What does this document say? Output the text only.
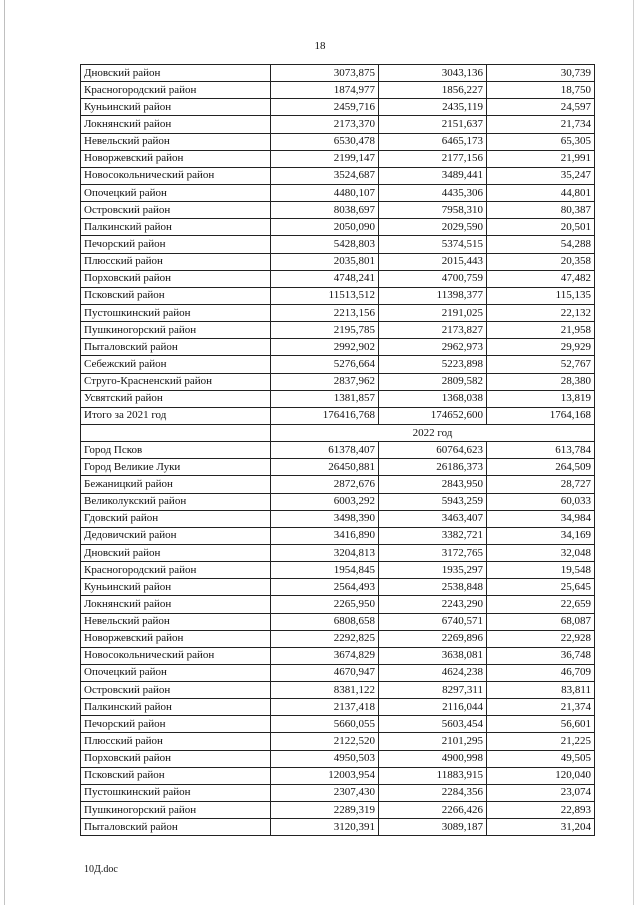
18
Дновский район	3073,875	3043,136	30,739
Красногородский район	1874,977	1856,227	18,750
Куньинский район	2459,716	2435,119	24,597
Локнянский район	2173,370	2151,637	21,734
Невельский район	6530,478	6465,173	65,305
Новоржевский район	2199,147	2177,156	21,991
Новосокольнический район	3524,687	3489,441	35,247
Опочецкий район	4480,107	4435,306	44,801
Островский район	8038,697	7958,310	80,387
Палкинский район	2050,090	2029,590	20,501
Печорский район	5428,803	5374,515	54,288
Плюсский район	2035,801	2015,443	20,358
Порховский район	4748,241	4700,759	47,482
Псковский район	11513,512	11398,377	115,135
Пустошкинский район	2213,156	2191,025	22,132
Пушкиногорский район	2195,785	2173,827	21,958
Пыталовский район	2992,902	2962,973	29,929
Себежский район	5276,664	5223,898	52,767
Струго-Красненский район	2837,962	2809,582	28,380
Усвятский район	1381,857	1368,038	13,819
Итого за 2021 год	176416,768	174652,600	1764,168
	2022 год		
Город Псков	61378,407	60764,623	613,784
Город Великие Луки	26450,881	26186,373	264,509
Бежаницкий район	2872,676	2843,950	28,727
Великолукский район	6003,292	5943,259	60,033
Гдовский район	3498,390	3463,407	34,984
Дедовичский район	3416,890	3382,721	34,169
Дновский район	3204,813	3172,765	32,048
Красногородский район	1954,845	1935,297	19,548
Куньинский район	2564,493	2538,848	25,645
Локнянский район	2265,950	2243,290	22,659
Невельский район	6808,658	6740,571	68,087
Новоржевский район	2292,825	2269,896	22,928
Новосокольнический район	3674,829	3638,081	36,748
Опочецкий район	4670,947	4624,238	46,709
Островский район	8381,122	8297,311	83,811
Палкинский район	2137,418	2116,044	21,374
Печорский район	5660,055	5603,454	56,601
Плюсский район	2122,520	2101,295	21,225
Порховский район	4950,503	4900,998	49,505
Псковский район	12003,954	11883,915	120,040
Пустошкинский район	2307,430	2284,356	23,074
Пушкиногорский район	2289,319	2266,426	22,893
Пыталовский район	3120,391	3089,187	31,204
10Д.doc
